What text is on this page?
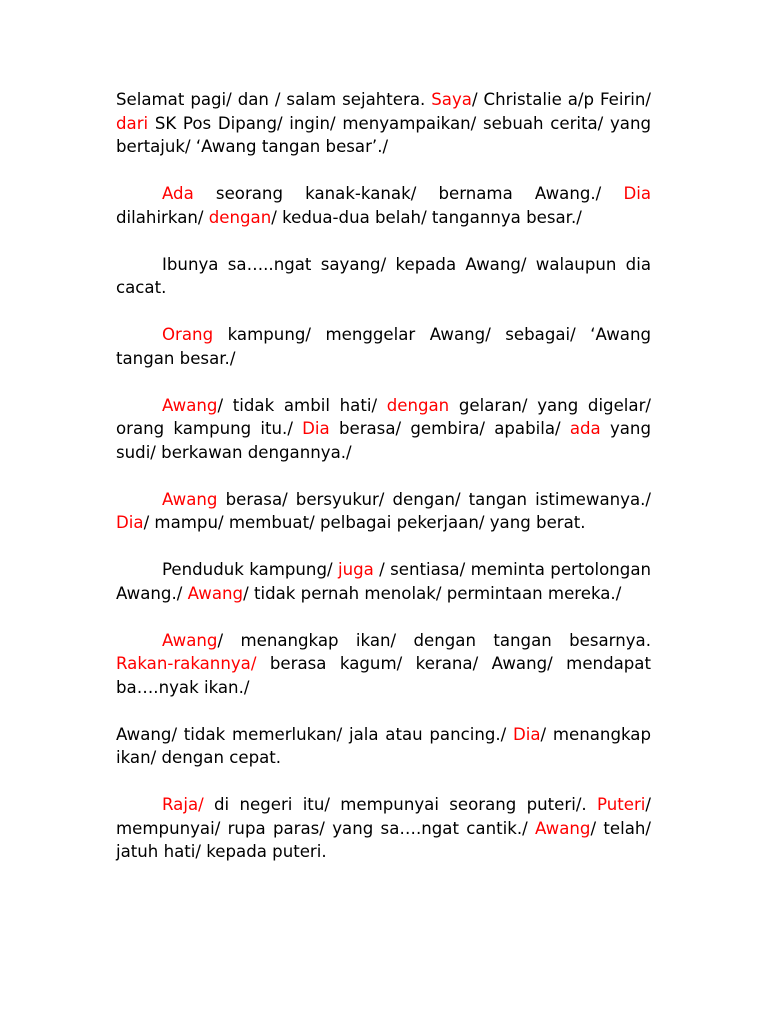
Selamat pagi/ dan / salam sejahtera. Saya/ Christalie a/p Feirin/ dari SK Pos Dipang/ ingin/ menyampaikan/ sebuah cerita/ yang bertajuk/ ‘Awang tangan besar’./

Ada seorang kanak-kanak/ bernama Awang./ Dia dilahirkan/ dengan/ kedua-dua belah/ tangannya besar./

Ibunya sa…..ngat sayang/ kepada Awang/ walaupun dia cacat.

Orang kampung/ menggelar Awang/ sebagai/ ‘Awang tangan besar./

Awang/ tidak ambil hati/ dengan gelaran/ yang digelar/ orang kampung itu./ Dia berasa/ gembira/ apabila/ ada yang sudi/ berkawan dengannya./

Awang berasa/ bersyukur/ dengan/ tangan istimewanya./ Dia/ mampu/ membuat/ pelbagai pekerjaan/ yang berat.

Penduduk kampung/ juga / sentiasa/ meminta pertolongan Awang./ Awang/ tidak pernah menolak/ permintaan mereka./

Awang/ menangkap ikan/ dengan tangan besarnya. Rakan-rakannya/ berasa kagum/ kerana/ Awang/ mendapat ba….nyak ikan./

Awang/ tidak memerlukan/ jala atau pancing./ Dia/ menangkap ikan/ dengan cepat.

Raja/ di negeri itu/ mempunyai seorang puteri/. Puteri/ mempunyai/ rupa paras/ yang sa….ngat cantik./ Awang/ telah/ jatuh hati/ kepada puteri.
